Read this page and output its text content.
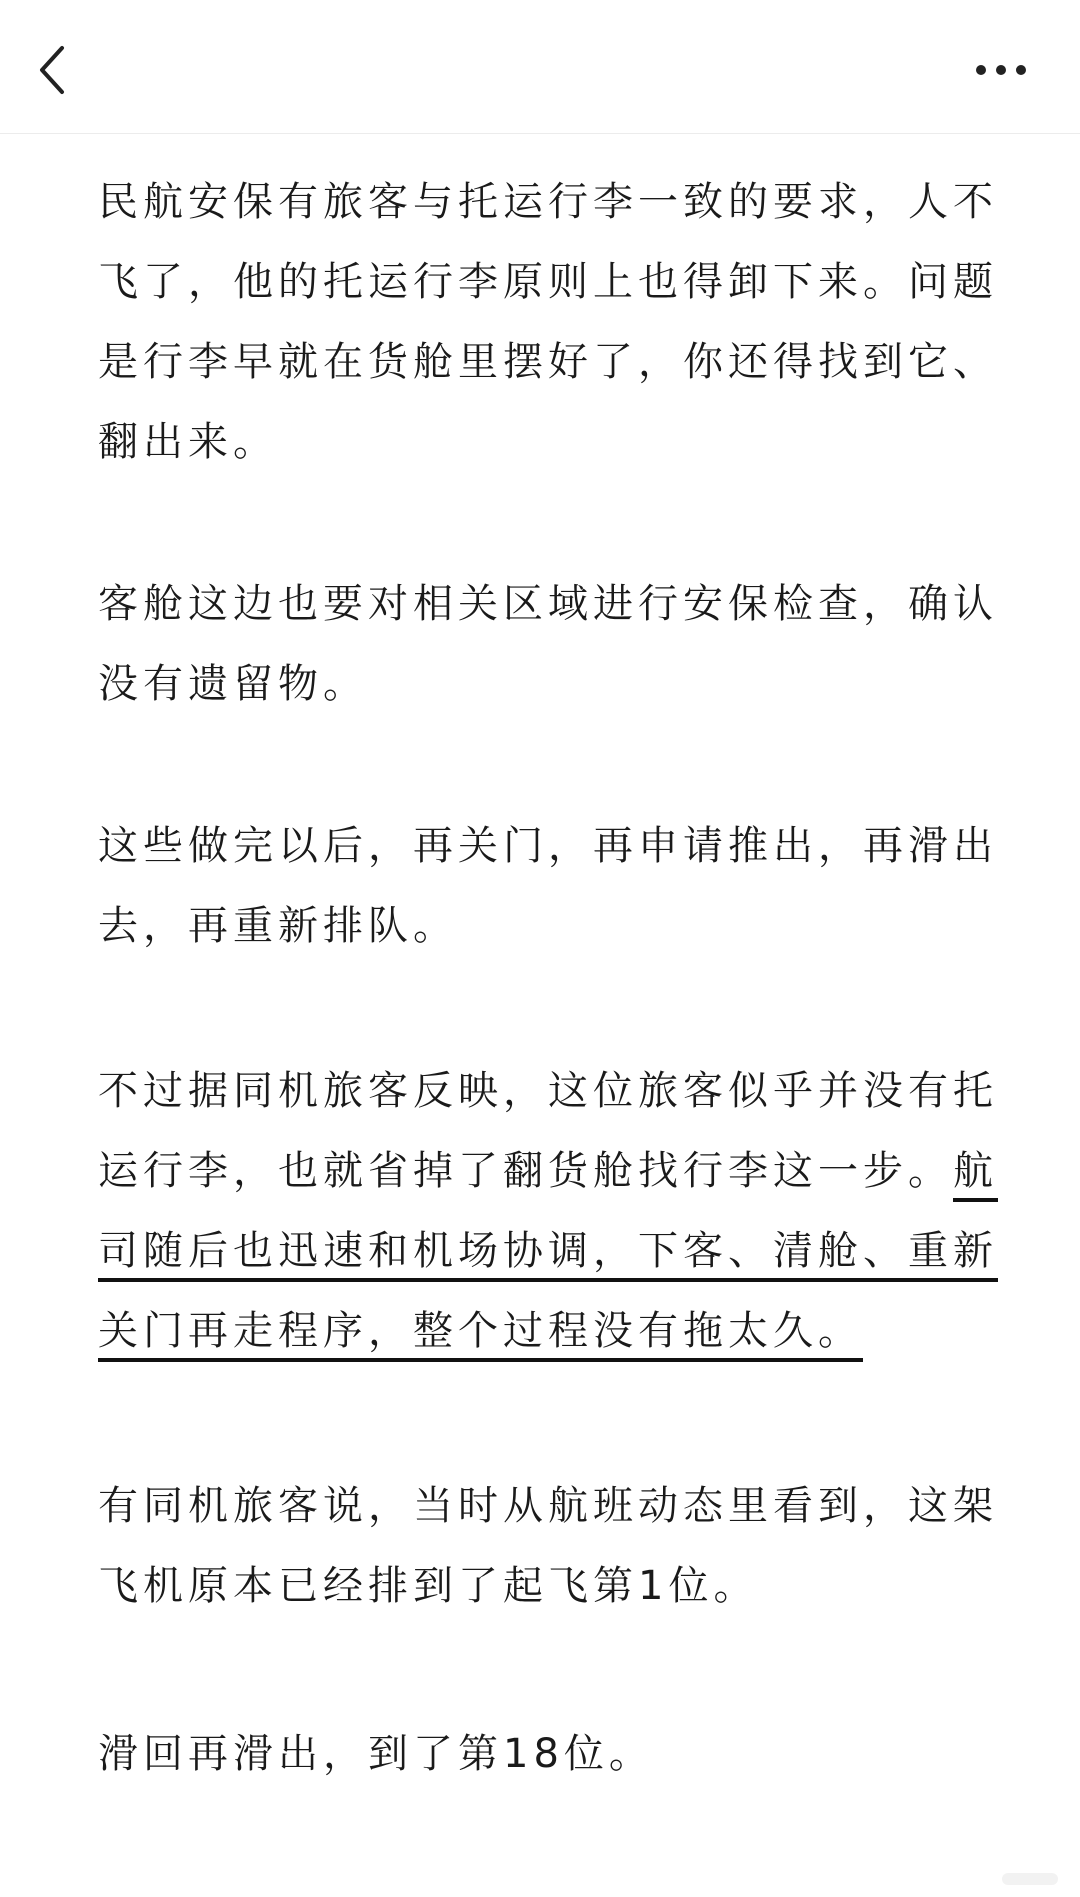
民航安保有旅客与托运行李一致的要求，人不飞了，他的托运行李原则上也得卸下来。问题是行李早就在货舱里摆好了，你还得找到它、翻出来。

客舱这边也要对相关区域进行安保检查，确认没有遗留物。

这些做完以后，再关门，再申请推出，再滑出去，再重新排队。

不过据同机旅客反映，这位旅客似乎并没有托运行李，也就省掉了翻货舱找行李这一步。航司随后也迅速和机场协调，下客、清舱、重新关门再走程序，整个过程没有拖太久。

有同机旅客说，当时从航班动态里看到，这架飞机原本已经排到了起飞第1位。

滑回再滑出，到了第18位。
